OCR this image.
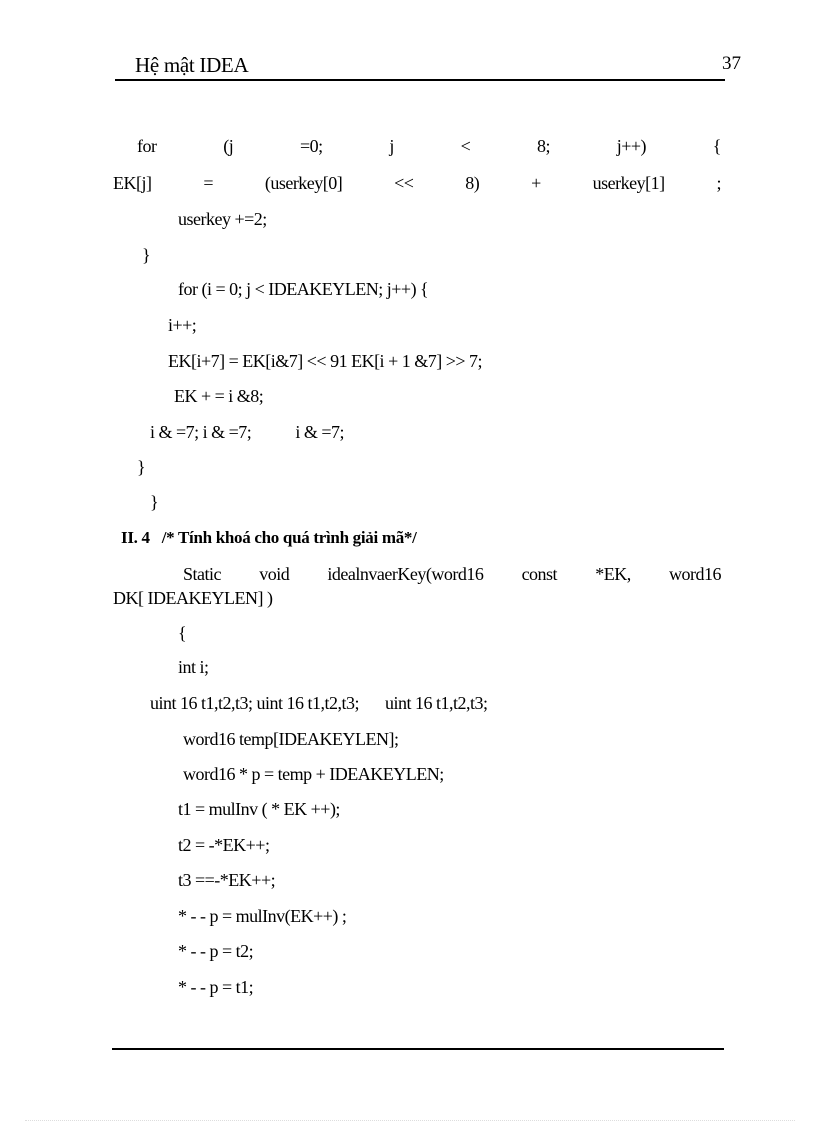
Hệ mật IDEA	37
for	(j	=0;	j	<	8;	j++)	{
EK[j]	=	(userkey[0]	<<	8)	+	userkey[1]	;
userkey +=2;
}
for (i = 0; j < IDEAKEYLEN; j++) {
i++;
EK[i+7] = EK[i&7] << 91 EK[i + 1 &7] >> 7;
EK + = i &8;
i & =7; i & =7; i & =7;
}
}
II. 4 /* Tính khoá cho quá trình giải mã*/
Static void idealnvaerKey(word16 const *EK, word16
DK[ IDEAKEYLEN] )
{
int i;
uint 16 t1,t2,t3; uint 16 t1,t2,t3; uint 16 t1,t2,t3;
word16 temp[IDEAKEYLEN];
word16 * p = temp + IDEAKEYLEN;
t1 = mulInv ( * EK ++);
t2 = -*EK++;
t3 ==-*EK++;
* - - p = mulInv(EK++) ;
* - - p = t2;
* - - p = t1;
